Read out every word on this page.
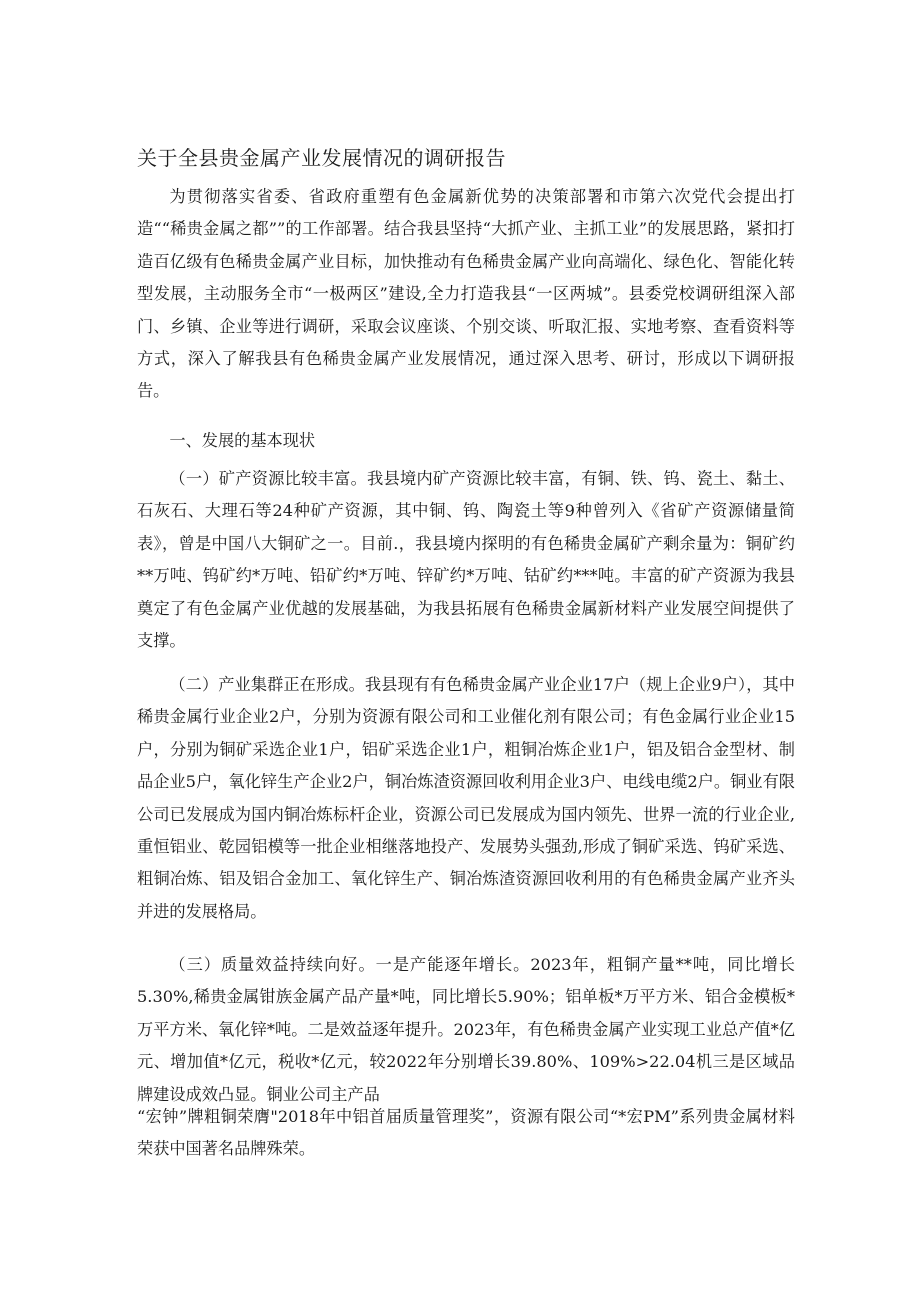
关于全县贵金属产业发展情况的调研报告

为贯彻落实省委、省政府重塑有色金属新优势的决策部署和市第六次党代会提出打造““稀贵金属之都””的工作部署。结合我县坚持“大抓产业、主抓工业”的发展思路，紧扣打造百亿级有色稀贵金属产业目标，加快推动有色稀贵金属产业向高端化、绿色化、智能化转型发展，主动服务全市“一极两区”建设,全力打造我县“一区两城”。县委党校调研组深入部门、乡镇、企业等进行调研，采取会议座谈、个别交谈、听取汇报、实地考察、查看资料等方式，深入了解我县有色稀贵金属产业发展情况，通过深入思考、研讨，形成以下调研报告。

一、发展的基本现状

（一）矿产资源比较丰富。我县境内矿产资源比较丰富，有铜、铁、钨、瓷土、黏土、石灰石、大理石等24种矿产资源，其中铜、钨、陶瓷土等9种曾列入《省矿产资源储量简表》，曾是中国八大铜矿之一。目前.，我县境内探明的有色稀贵金属矿产剩余量为：铜矿约**万吨、钨矿约*万吨、铅矿约*万吨、锌矿约*万吨、钴矿约***吨。丰富的矿产资源为我县奠定了有色金属产业优越的发展基础，为我县拓展有色稀贵金属新材料产业发展空间提供了支撑。

（二）产业集群正在形成。我县现有有色稀贵金属产业企业17户（规上企业9户），其中稀贵金属行业企业2户，分别为资源有限公司和工业催化剂有限公司；有色金属行业企业15户，分别为铜矿采选企业1户，铝矿采选企业1户，粗铜冶炼企业1户，铝及铝合金型材、制品企业5户，氧化锌生产企业2户，铜冶炼渣资源回收利用企业3户、电线电缆2户。铜业有限公司已发展成为国内铜冶炼标杆企业，资源公司已发展成为国内领先、世界一流的行业企业,重恒铝业、乾园铝模等一批企业相继落地投产、发展势头强劲,形成了铜矿采选、钨矿采选、粗铜冶炼、铝及铝合金加工、氧化锌生产、铜冶炼渣资源回收利用的有色稀贵金属产业齐头并进的发展格局。

（三）质量效益持续向好。一是产能逐年增长。2023年，粗铜产量**吨，同比增长5.30%,稀贵金属钳族金属产品产量*吨，同比增长5.90%；铝单板*万平方米、铝合金模板*万平方米、氧化锌*吨。二是效益逐年提升。2023年，有色稀贵金属产业实现工业总产值*亿元、增加值*亿元，税收*亿元，较2022年分别增长39.80%、109%>22.04机三是区域品牌建设成效凸显。铜业公司主产品

“宏钟”牌粗铜荣膺"2018年中铝首届质量管理奖”，资源有限公司“*宏PM”系列贵金属材料荣获中国著名品牌殊荣。
